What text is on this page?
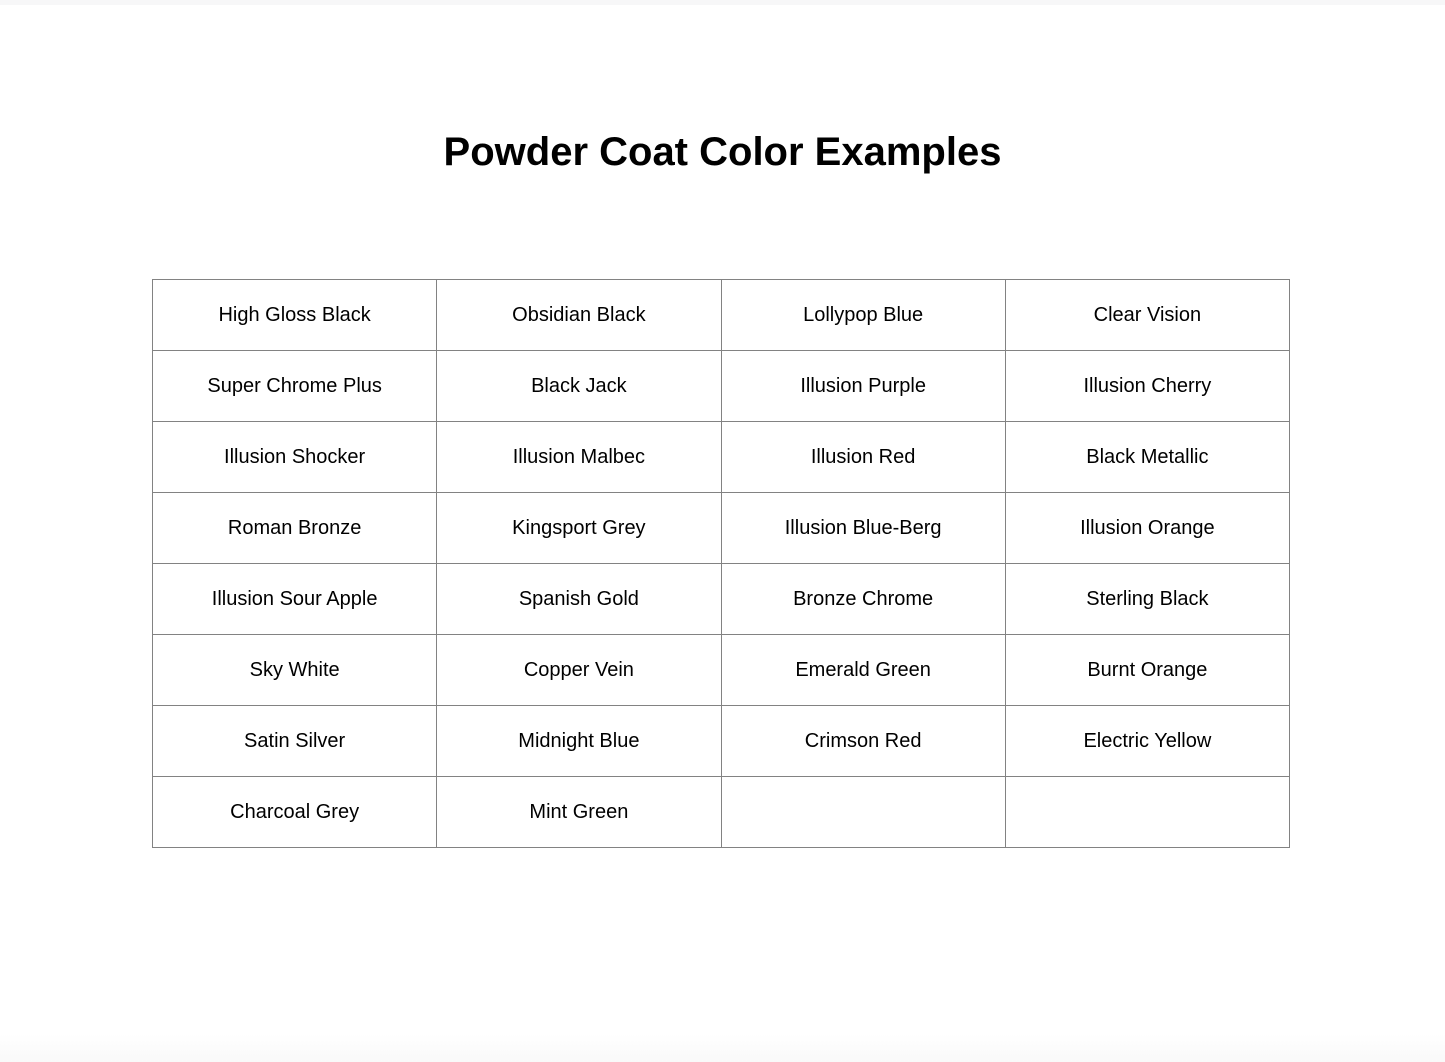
Powder Coat Color Examples
High Gloss Black	Obsidian Black	Lollypop Blue	Clear Vision
Super Chrome Plus	Black Jack	Illusion Purple	Illusion Cherry
Illusion Shocker	Illusion Malbec	Illusion Red	Black Metallic
Roman Bronze	Kingsport Grey	Illusion Blue-Berg	Illusion Orange
Illusion Sour Apple	Spanish Gold	Bronze Chrome	Sterling Black
Sky White	Copper Vein	Emerald Green	Burnt Orange
Satin Silver	Midnight Blue	Crimson Red	Electric Yellow
Charcoal Grey	Mint Green		
